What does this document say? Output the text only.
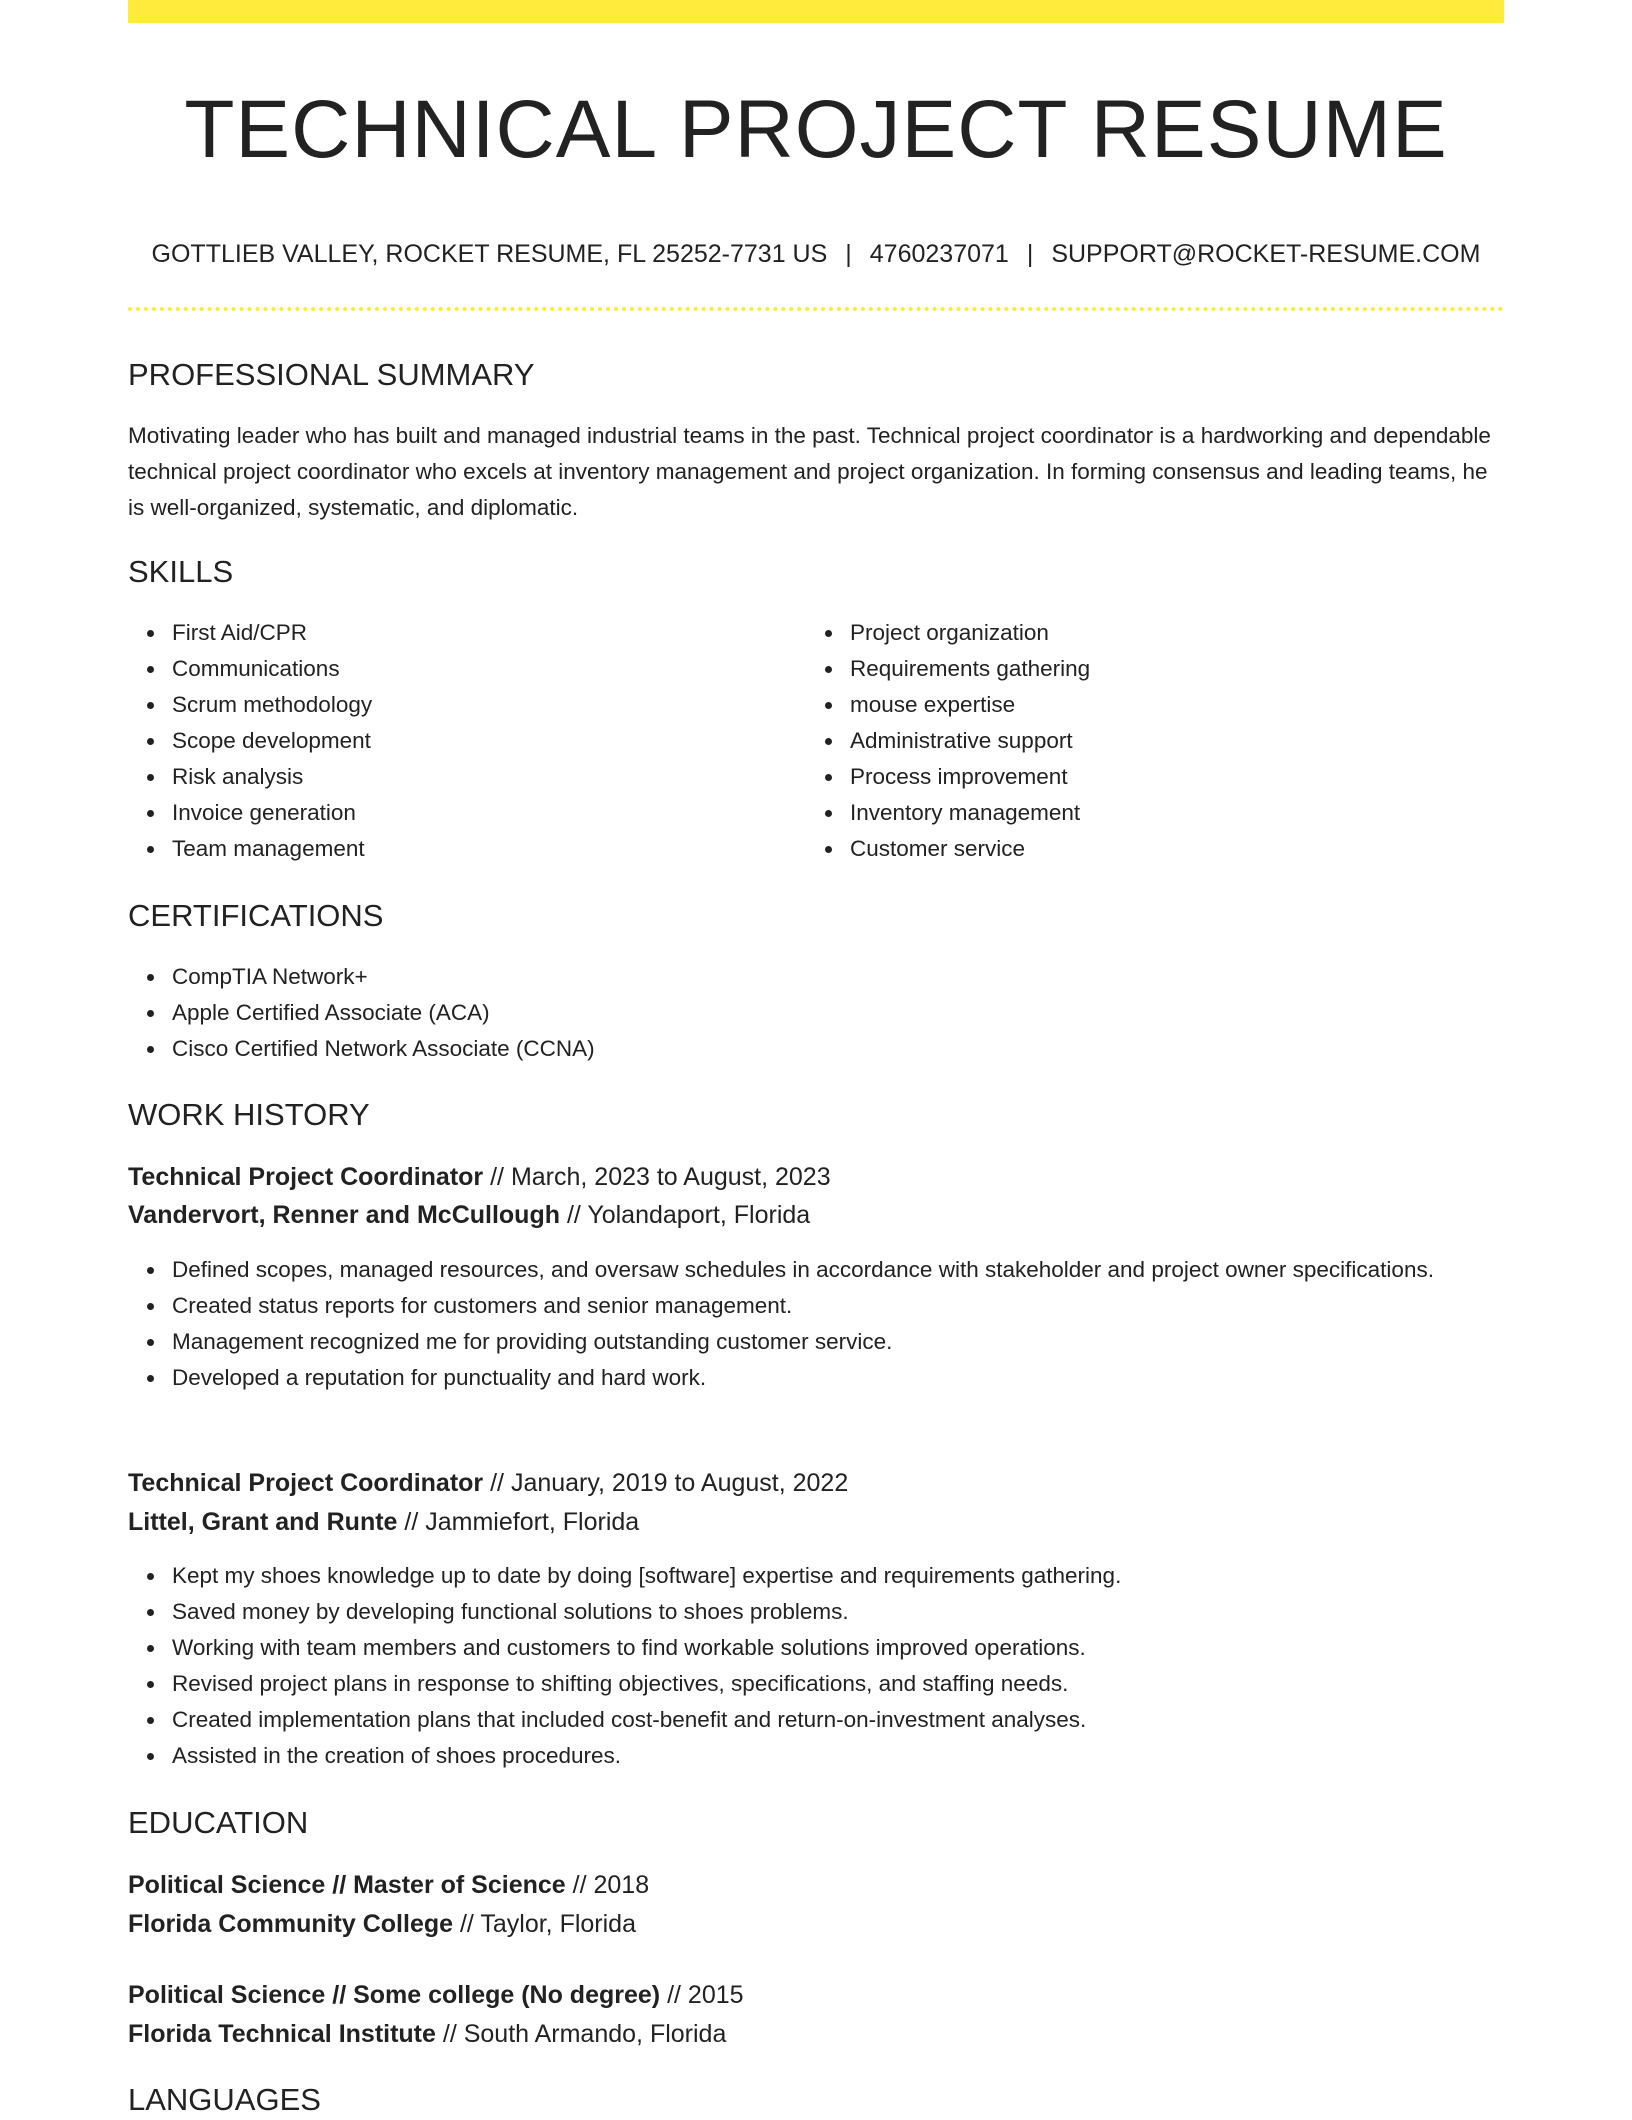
TECHNICAL PROJECT RESUME
GOTTLIEB VALLEY, ROCKET RESUME, FL 25252-7731 US | 4760237071 | SUPPORT@ROCKET-RESUME.COM
PROFESSIONAL SUMMARY
Motivating leader who has built and managed industrial teams in the past. Technical project coordinator is a hardworking and dependable technical project coordinator who excels at inventory management and project organization. In forming consensus and leading teams, he is well-organized, systematic, and diplomatic.
SKILLS
First Aid/CPR
Communications
Scrum methodology
Scope development
Risk analysis
Invoice generation
Team management
Project organization
Requirements gathering
mouse expertise
Administrative support
Process improvement
Inventory management
Customer service
CERTIFICATIONS
CompTIA Network+
Apple Certified Associate (ACA)
Cisco Certified Network Associate (CCNA)
WORK HISTORY
Technical Project Coordinator // March, 2023 to August, 2023
Vandervort, Renner and McCullough // Yolandaport, Florida
Defined scopes, managed resources, and oversaw schedules in accordance with stakeholder and project owner specifications.
Created status reports for customers and senior management.
Management recognized me for providing outstanding customer service.
Developed a reputation for punctuality and hard work.
Technical Project Coordinator // January, 2019 to August, 2022
Littel, Grant and Runte // Jammiefort, Florida
Kept my shoes knowledge up to date by doing [software] expertise and requirements gathering.
Saved money by developing functional solutions to shoes problems.
Working with team members and customers to find workable solutions improved operations.
Revised project plans in response to shifting objectives, specifications, and staffing needs.
Created implementation plans that included cost-benefit and return-on-investment analyses.
Assisted in the creation of shoes procedures.
EDUCATION
Political Science // Master of Science // 2018
Florida Community College // Taylor, Florida
Political Science // Some college (No degree) // 2015
Florida Technical Institute // South Armando, Florida
LANGUAGES
